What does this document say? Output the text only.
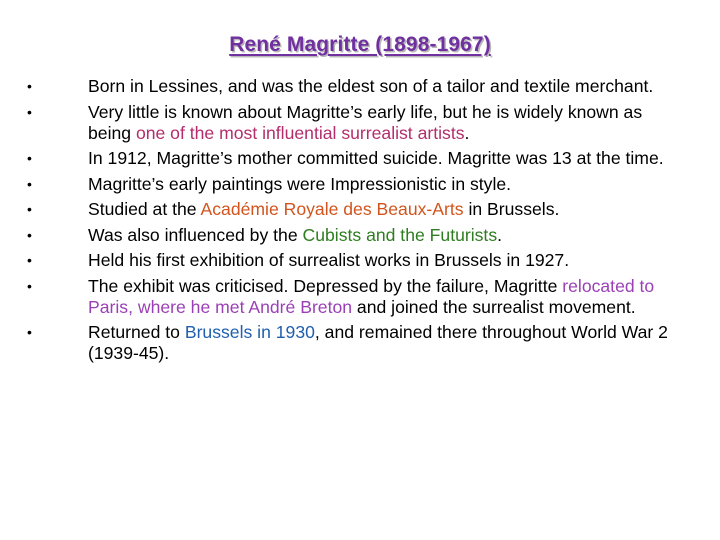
René Magritte (1898-1967)
•	Born in Lessines, and was the eldest son of a tailor and textile merchant.
•	Very little is known about Magritte’s early life, but he is widely known as being one of the most influential surrealist artists.
•	In 1912, Magritte’s mother committed suicide. Magritte was 13 at the time.
•	Magritte’s early paintings were Impressionistic in style.
•	Studied at the Académie Royale des Beaux-Arts in Brussels.
•	Was also influenced by the Cubists and the Futurists.
•	Held his first exhibition of surrealist works in Brussels in 1927.
•	The exhibit was criticised. Depressed by the failure, Magritte relocated to Paris, where he met André Breton and joined the surrealist movement.
•	Returned to Brussels in 1930, and remained there throughout World War 2 (1939-45).
